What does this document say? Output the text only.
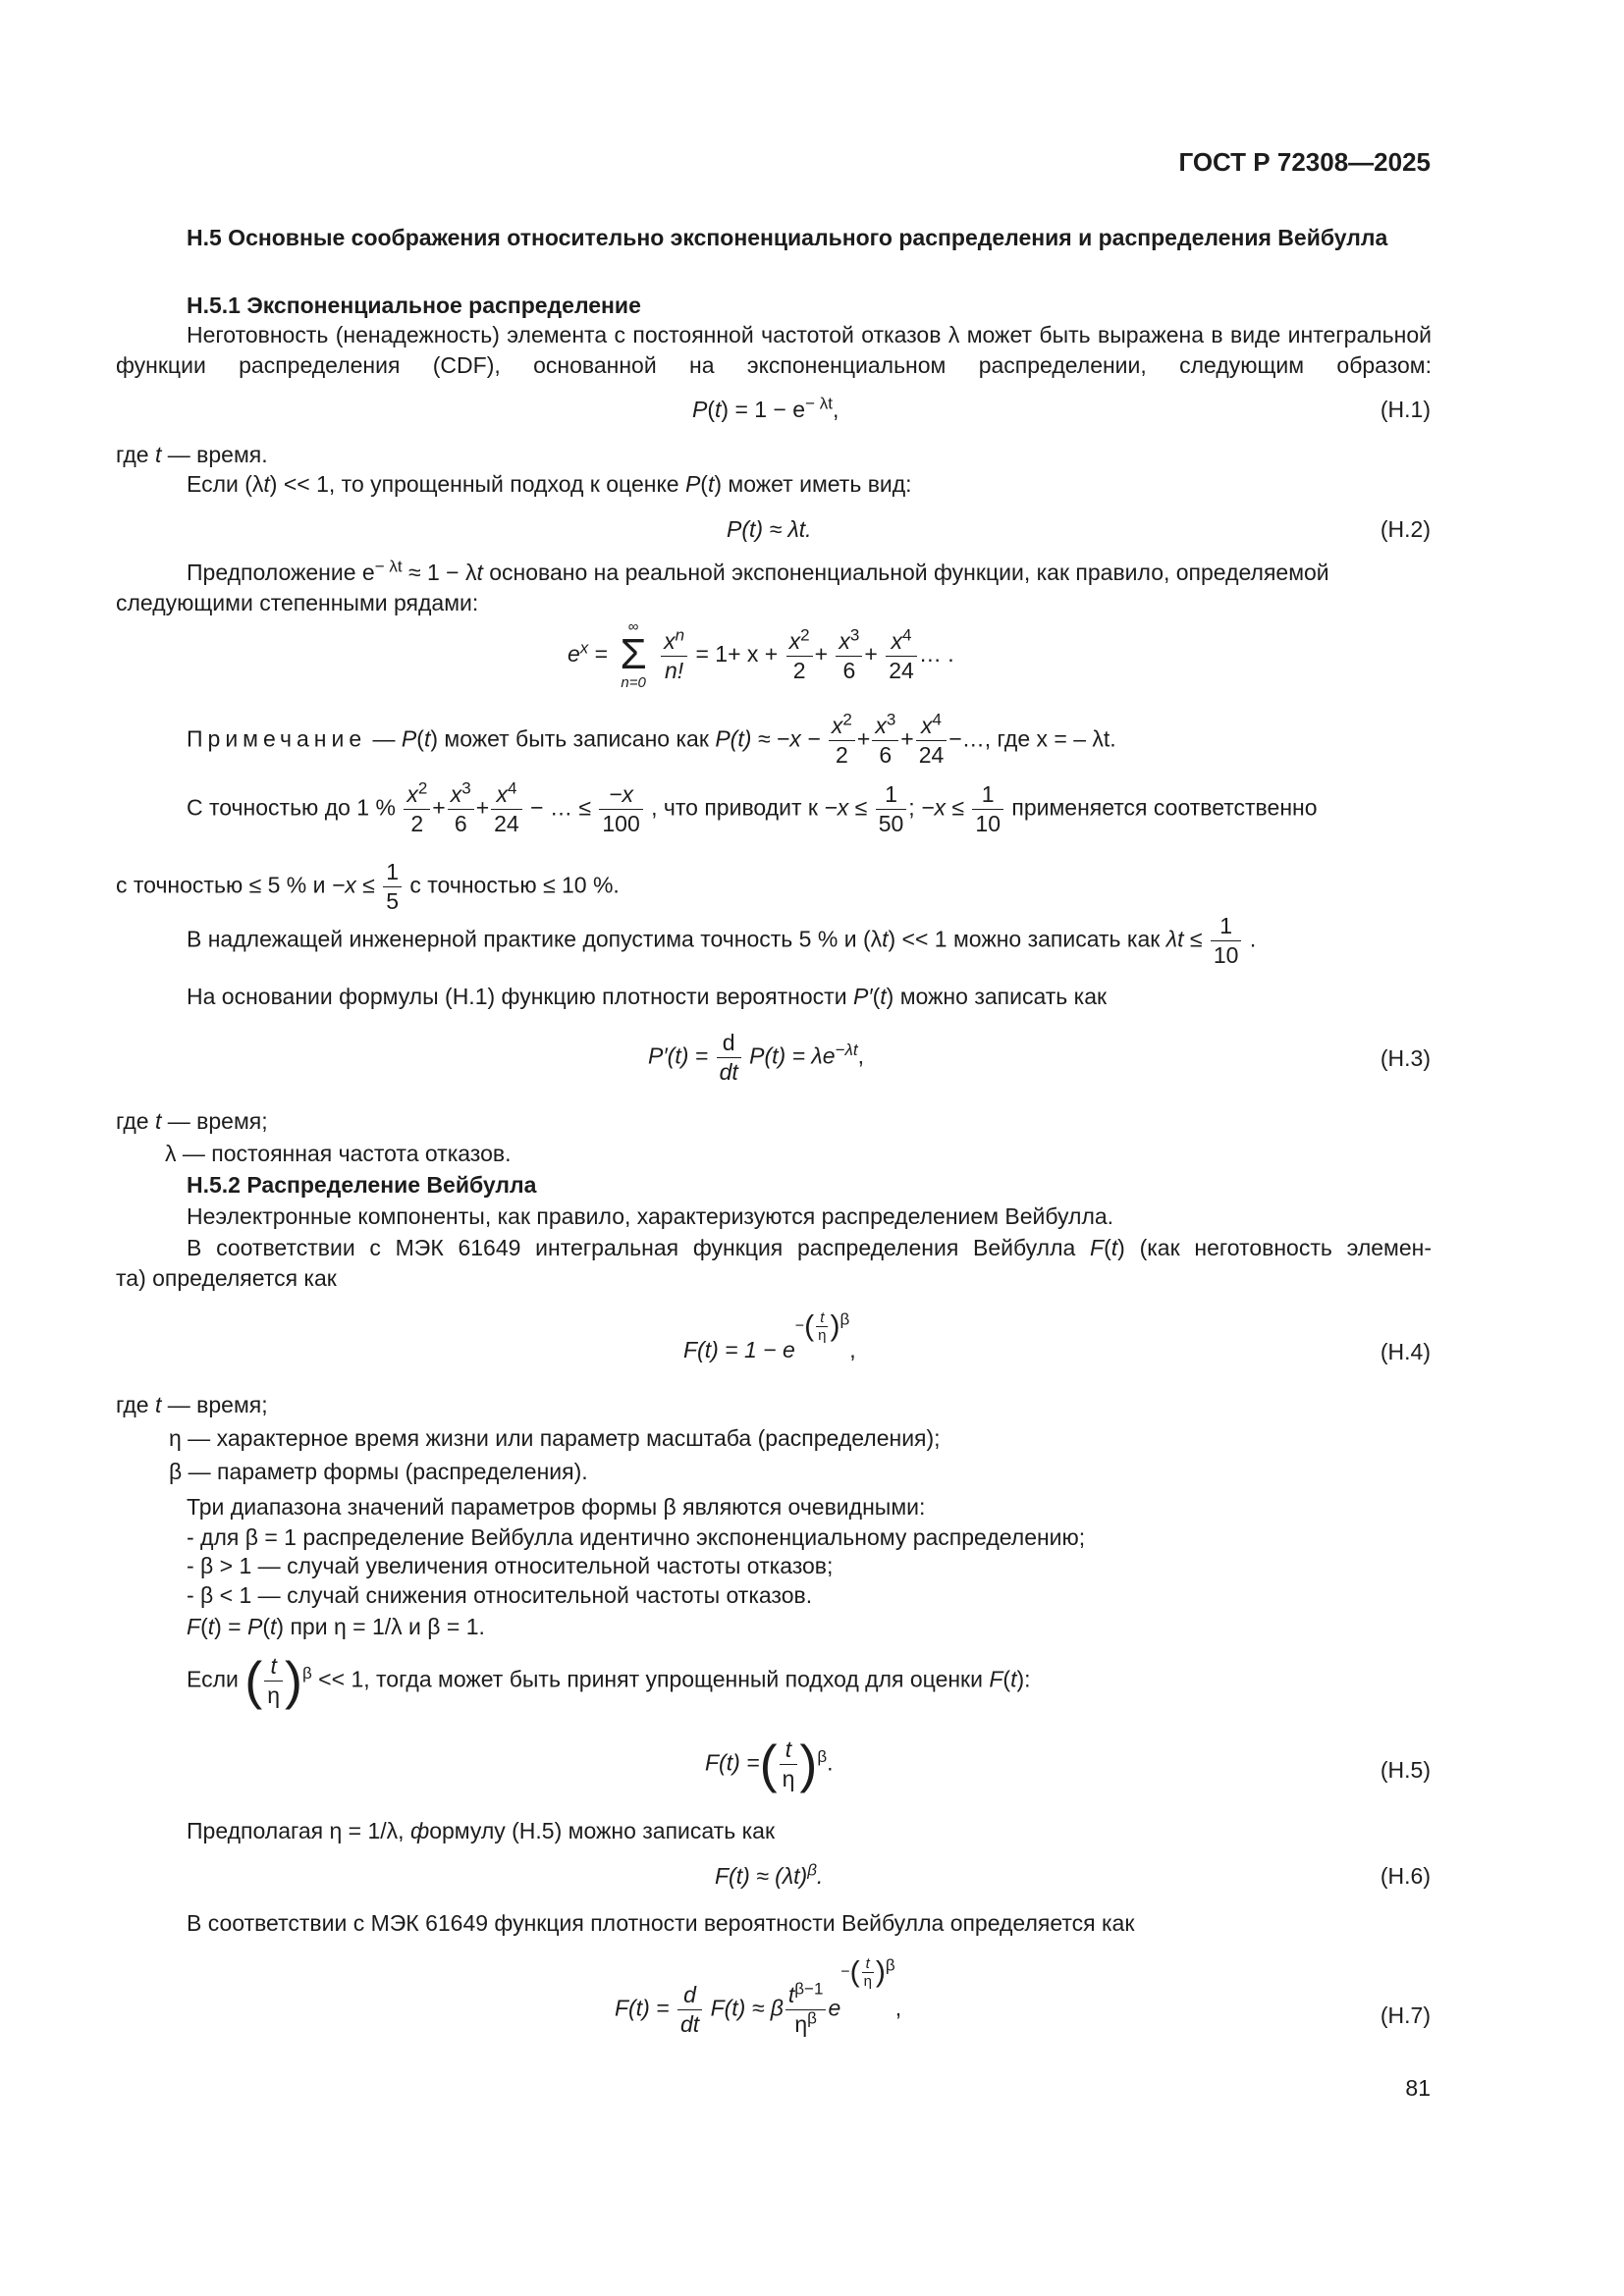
ГОСТ Р 72308—2025
Н.5 Основные соображения относительно экспоненциального распределения и распределения Вейбулла
Н.5.1 Экспоненциальное распределение
Неготовность (ненадежность) элемента с постоянной частотой отказов λ может быть выражена в виде интегральной функции распределения (CDF), основанной на экспоненциальном распределении, следующим образом:
$P(t) = 1 - e^{- \lambda t}$,	(Н.1)
где t — время.
Если (λt) << 1, то упрощенный подход к оценке P(t) может иметь вид:
P(t) ≈ λt.	(Н.2)
Предположение $e^{- \lambda t} \approx 1 - \lambda t$ основано на реальной экспоненциальной функции, как правило, определяемой
следующими степенными рядами:
$e^x$ =
∞
Σ
n=0
$\frac{x^n}{n!} = 1+ x + \frac{x^2}{2} + \frac{x^3}{6} + \frac{x^4}{24}$ … .
Примечание — P(t) может быть записано как $P(t) \approx -x - \frac{x^2}{2} + \frac{x^3}{6} + \frac{x^4}{24}$ −…, где x = – λt.
С точностью до 1 % $\frac{x^2}{2} + \frac{x^3}{6} + \frac{x^4}{24}$ − … ≤ $\frac{-x}{100}$ , что приводит $к -x \le \frac{1}{50}$ ; $-x \le \frac{1}{10}$ применяется соответственно
с точностью ≤ 5 % $и -x \le \frac{1}{5}$ с точностью ≤ 10 %.
В надлежащей инженерной практике допустима точность 5 % и (λt) << 1 можно записать как $\lambda t \le \frac{1}{10}$ .
На основании формулы (Н.1) функцию плотности вероятности P′(t) можно записать как
$P'(t) = \frac{d}{dt} P(t) = \lambda e^{-\lambda t}$,	(Н.3)
где t — время;
λ — постоянная частота отказов.
Н.5.2 Распределение Вейбулла
Неэлектронные компоненты, как правило, характеризуются распределением Вейбулла.
В соответствии с МЭК 61649 интегральная функция распределения Вейбулла F(t) (как неготовность элемен-
та) определяется как
$F(t) = 1 - e-( \frac{t}{\eta} )^\beta$,	(Н.4)
где t — время;
η — характерное время жизни или параметр масштаба (распределения);
β — параметр формы (распределения).
Три диапазона значений параметров формы β являются очевидными:
- для β = 1 распределение Вейбулла идентично экспоненциальному распределению;
- β > 1 — случай увеличения относительной частоты отказов;
- β < 1 — случай снижения относительной частоты отказов.
F(t) = P(t) при η = 1/λ и β = 1.
Если ( $\frac{t}{\eta} )^\beta << 1$, тогда может быть принят упрощенный подход для оценки F(t):
F(t) =( $\frac{t}{\eta} )^\beta$.	(Н.5)
Предполагая η = 1/λ, формулу (Н.5) можно записать как
$F(t) \approx (\lambda t)^\beta$.	(Н.6)
В соответствии с МЭК 61649 функция плотности вероятности Вейбулла определяется как
$F(t) = \frac{d}{dt} F(t) \approx \beta \frac{t^{\beta-1}}{\eta^\beta} e-( \frac{t}{\eta} )^\beta$,	(Н.7)
81
